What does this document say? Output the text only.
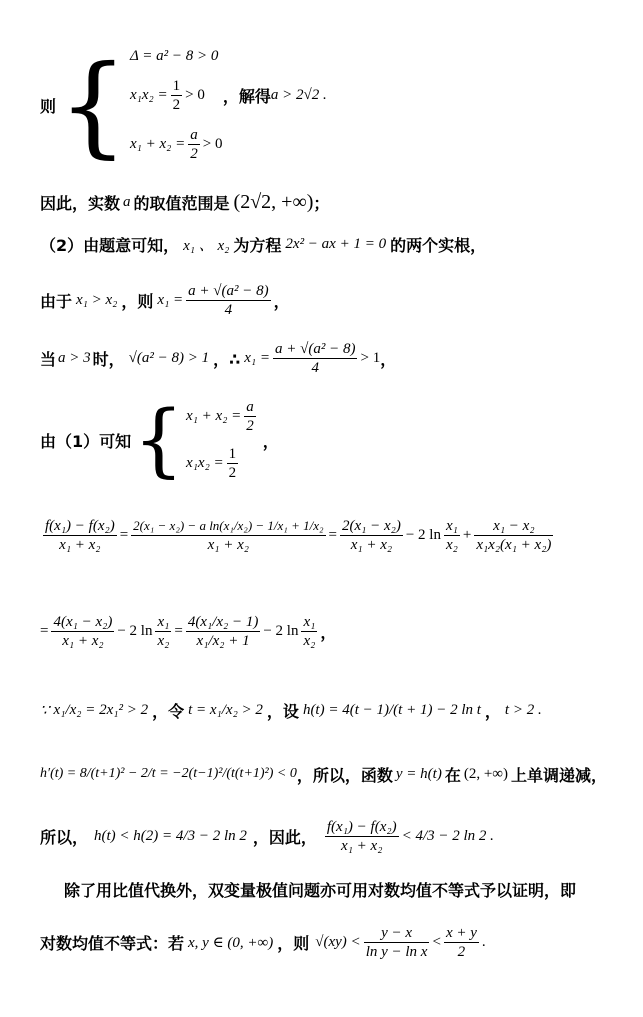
则 { Δ = a² − 8 > 0
$x_1x_2 = \frac{1}{2} > 0$ ，解得 a > 2√2 .
$x_1 + x_2 = \frac{a}{2} > 0$
因此，实数 a 的取值范围是 (2√2, +∞) ；
（2）由题意可知， x₁ 、 x₂ 为方程 2x² − ax + 1 = 0 的两个实根，
由于 x₁ > x₂ ，则 $x_1 = \frac{\text{a + √(a² − 8)}}{4}$ ，
当 a > 3 时， √(a² − 8) > 1 ，∴ $x_1 = \frac{\text{a + √(a² − 8)}}{4} > 1$ ，
由（1）可知 { $x_1 + x_2 = \frac{a}{2}$
$x_1x_2 = \frac{1}{2}$
，
$\frac{\text{f(x₁) − f(x₂)}}{\text{x₁ + x₂}} = \frac{\text{2(x₁ − x₂) − a ln(x₁/x₂) − 1/x₁ + 1/x₂}}{\text{x₁ + x₂}} = \frac{\text{2(x₁ − x₂)}}{\text{x₁ + x₂}} - 2$ $\ln \frac{\text{x₁}}{\text{x₂}} + \frac{\text{x₁ − x₂}}{\text{x₁x₂(x₁ + x₂)}}$
= $\frac{\text{4(x₁ − x₂)}}{\text{x₁ + x₂}} - 2$ $\ln \frac{\text{x₁}}{\text{x₂}} = \frac{\text{4(x₁/x₂ − 1)}}{\text{x₁/x₂ + 1}} - 2$ $\ln \frac{\text{x₁}}{\text{x₂}}$ ，
∵ x₁/x₂ = 2x₁² > 2 ，令 t = x₁/x₂ > 2 ，设 h(t) = 4(t − 1)/(t + 1) − 2 ln t ， t > 2 .
h′(t) = 8/(t+1)² − 2/t = −2(t−1)²/(t(t+1)²) < 0 ，所以，函数 y = h(t) 在 (2, +∞) 上单调递减，
所以， h(t) < h(2) = 4/3 − 2 ln 2 ，因此， $\frac{\text{f(x₁) − f(x₂)}}{\text{x₁ + x₂}} < 4/3 - 2$ ln 2 .
除了用比值代换外，双变量极值问题亦可用对数均值不等式予以证明，即
对数均值不等式：若 x, y ∈ (0, +∞) ，则 $√(xy) < \frac{y - x}{\text{ln y − ln x}} < \frac{x + y}{2}$ .
